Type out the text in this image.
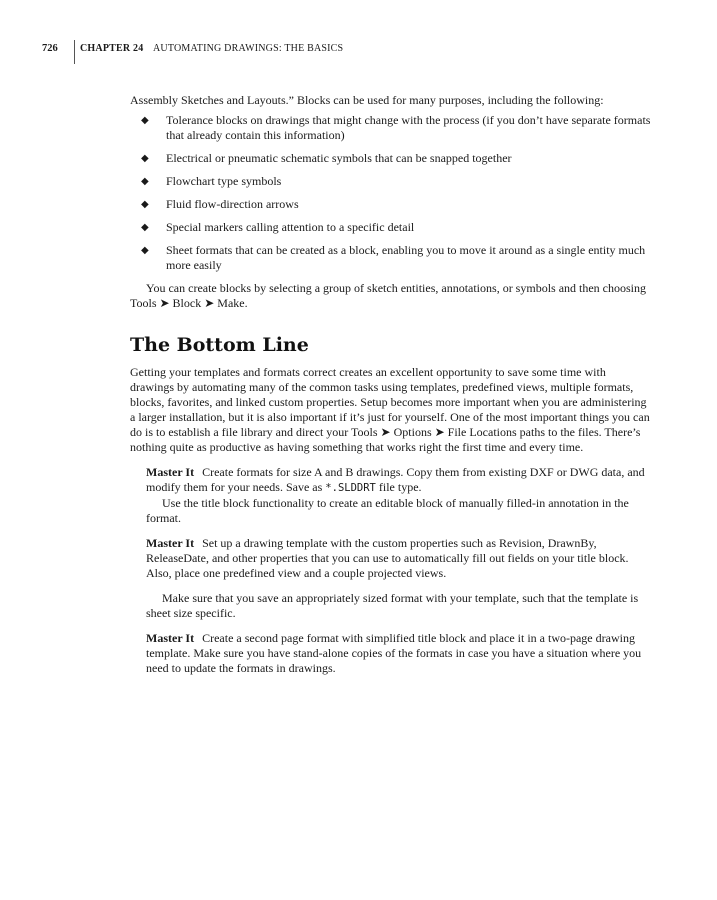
726 CHAPTER 24 AUTOMATING DRAWINGS: THE BASICS

Assembly Sketches and Layouts.” Blocks can be used for many purposes, including the following:

◆ Tolerance blocks on drawings that might change with the process (if you don’t have separate formats that already contain this information)
◆ Electrical or pneumatic schematic symbols that can be snapped together
◆ Flowchart type symbols
◆ Fluid flow-direction arrows
◆ Special markers calling attention to a specific detail
◆ Sheet formats that can be created as a block, enabling you to move it around as a single entity much more easily

You can create blocks by selecting a group of sketch entities, annotations, or symbols and then choosing Tools ➤ Block ➤ Make.

The Bottom Line

Getting your templates and formats correct creates an excellent opportunity to save some time with drawings by automating many of the common tasks using templates, predefined views, multiple formats, blocks, favorites, and linked custom properties. Setup becomes more important when you are administering a larger installation, but it is also important if it’s just for yourself. One of the most important things you can do is to establish a file library and direct your Tools ➤ Options ➤ File Locations paths to the files. There’s nothing quite as productive as having something that works right the first time and every time.

Master It Create formats for size A and B drawings. Copy them from existing DXF or DWG data, and modify them for your needs. Save as *.SLDDRT file type.

Use the title block functionality to create an editable block of manually filled-in annotation in the format.

Master It Set up a drawing template with the custom properties such as Revision, DrawnBy, ReleaseDate, and other properties that you can use to automatically fill out fields on your title block. Also, place one predefined view and a couple projected views.

Make sure that you save an appropriately sized format with your template, such that the template is sheet size specific.

Master It Create a second page format with simplified title block and place it in a two-page drawing template. Make sure you have stand-alone copies of the formats in case you have a situation where you need to update the formats in drawings.
